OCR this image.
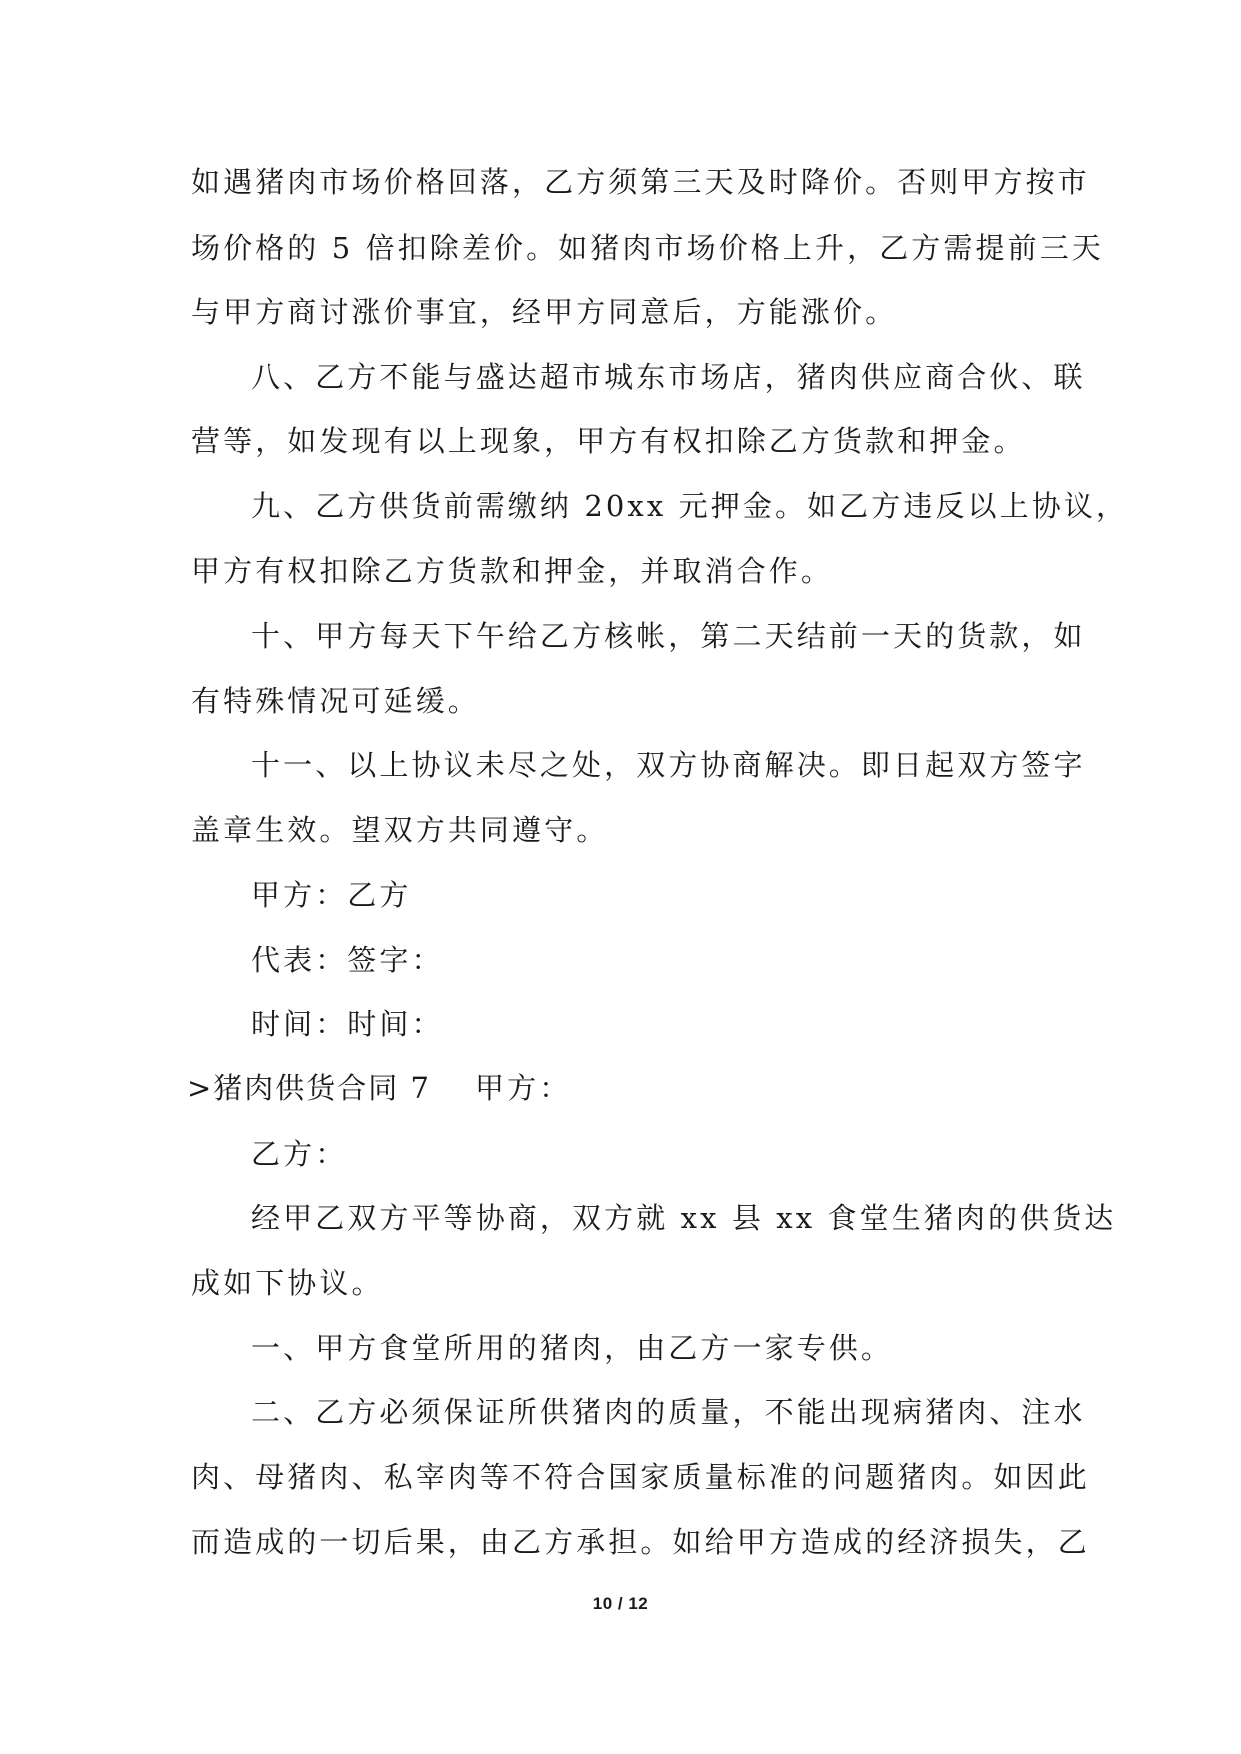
如遇猪肉市场价格回落，乙方须第三天及时降价。否则甲方按市
场价格的 5 倍扣除差价。如猪肉市场价格上升，乙方需提前三天
与甲方商讨涨价事宜，经甲方同意后，方能涨价。
八、乙方不能与盛达超市城东市场店，猪肉供应商合伙、联
营等，如发现有以上现象，甲方有权扣除乙方货款和押金。
九、乙方供货前需缴纳 20xx 元押金。如乙方违反以上协议，
甲方有权扣除乙方货款和押金，并取消合作。
十、甲方每天下午给乙方核帐，第二天结前一天的货款，如
有特殊情况可延缓。
十一、以上协议未尽之处，双方协商解决。即日起双方签字
盖章生效。望双方共同遵守。
甲方：乙方
代表：签字：
时间：时间：
>猪肉供货合同 7 甲方：
乙方：
经甲乙双方平等协商，双方就 xx 县 xx 食堂生猪肉的供货达
成如下协议。
一、甲方食堂所用的猪肉，由乙方一家专供。
二、乙方必须保证所供猪肉的质量，不能出现病猪肉、注水
肉、母猪肉、私宰肉等不符合国家质量标准的问题猪肉。如因此
而造成的一切后果，由乙方承担。如给甲方造成的经济损失，乙
10 / 12
